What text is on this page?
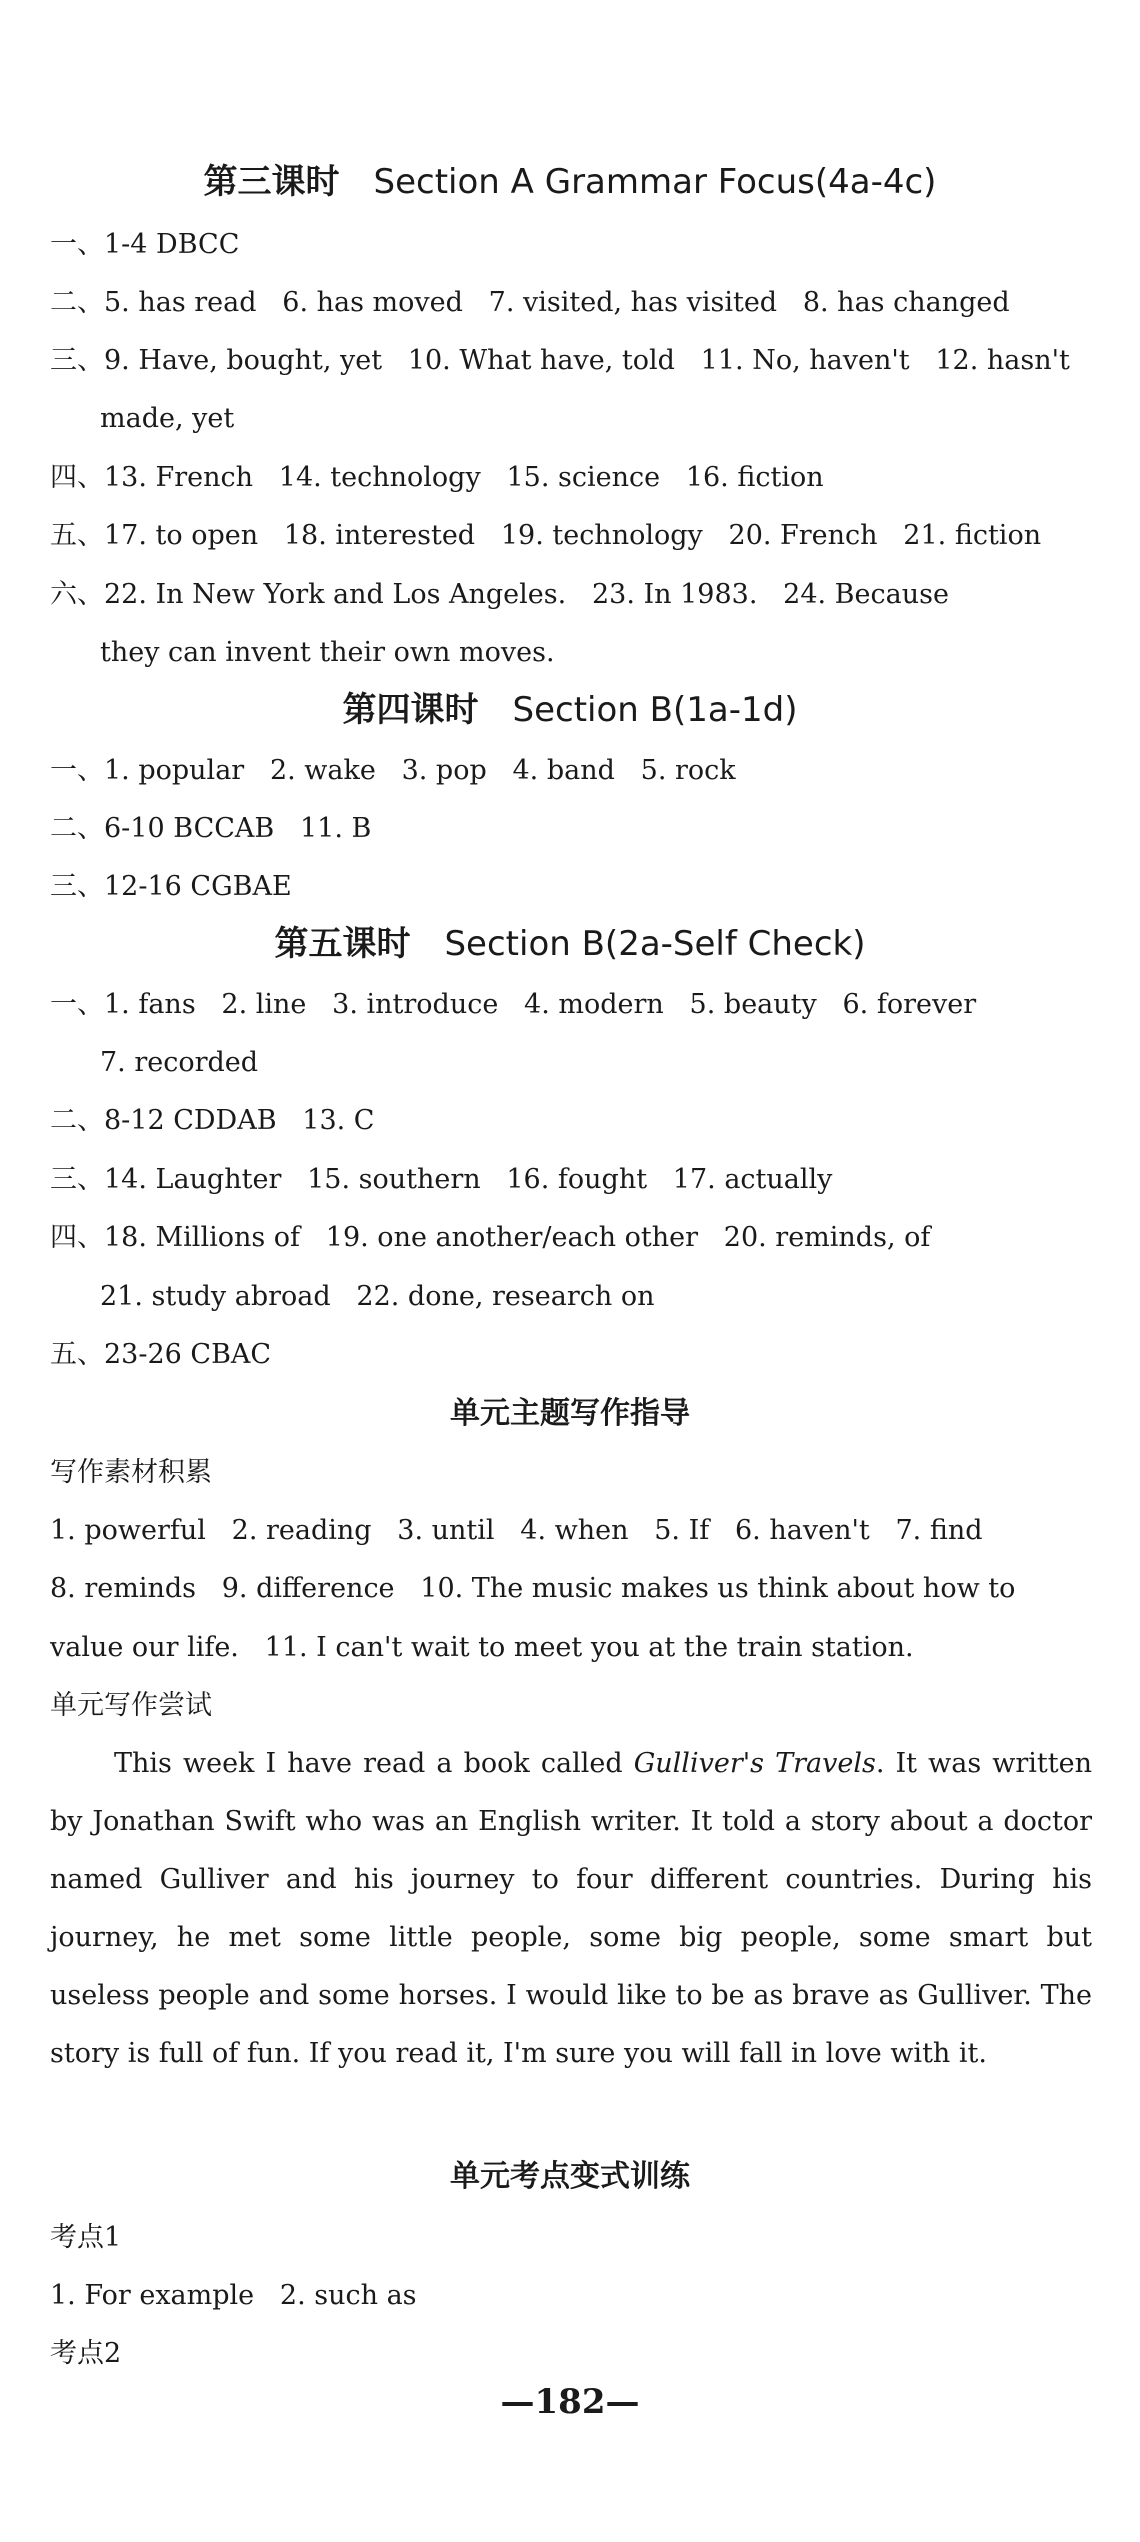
第三课时 Section A Grammar Focus(4a-4c)
一、1-4 DBCC
二、5. has read   6. has moved   7. visited, has visited   8. has changed
三、9. Have, bought, yet   10. What have, told   11. No, haven't   12. hasn't
made, yet
四、13. French   14. technology   15. science   16. fiction
五、17. to open   18. interested   19. technology   20. French   21. fiction
六、22. In New York and Los Angeles.   23. In 1983.   24. Because
they can invent their own moves.
第四课时 Section B(1a-1d)
一、1. popular   2. wake   3. pop   4. band   5. rock
二、6-10 BCCAB   11. B
三、12-16 CGBAE
第五课时 Section B(2a-Self Check)
一、1. fans   2. line   3. introduce   4. modern   5. beauty   6. forever
7. recorded
二、8-12 CDDAB   13. C
三、14. Laughter   15. southern   16. fought   17. actually
四、18. Millions of   19. one another/each other   20. reminds, of
21. study abroad   22. done, research on
五、23-26 CBAC
单元主题写作指导
写作素材积累
1. powerful   2. reading   3. until   4. when   5. If   6. haven't   7. find
8. reminds   9. difference   10. The music makes us think about how to
value our life.   11. I can't wait to meet you at the train station.
单元写作尝试
This week I have read a book called Gulliver's Travels. It was written by Jonathan Swift who was an English writer. It told a story about a doctor named Gulliver and his journey to four different countries. During his journey, he met some little people, some big people, some smart but useless people and some horses. I would like to be as brave as Gulliver. The story is full of fun. If you read it, I'm sure you will fall in love with it.
单元考点变式训练
考点1
1. For example   2. such as
考点2
—182—
